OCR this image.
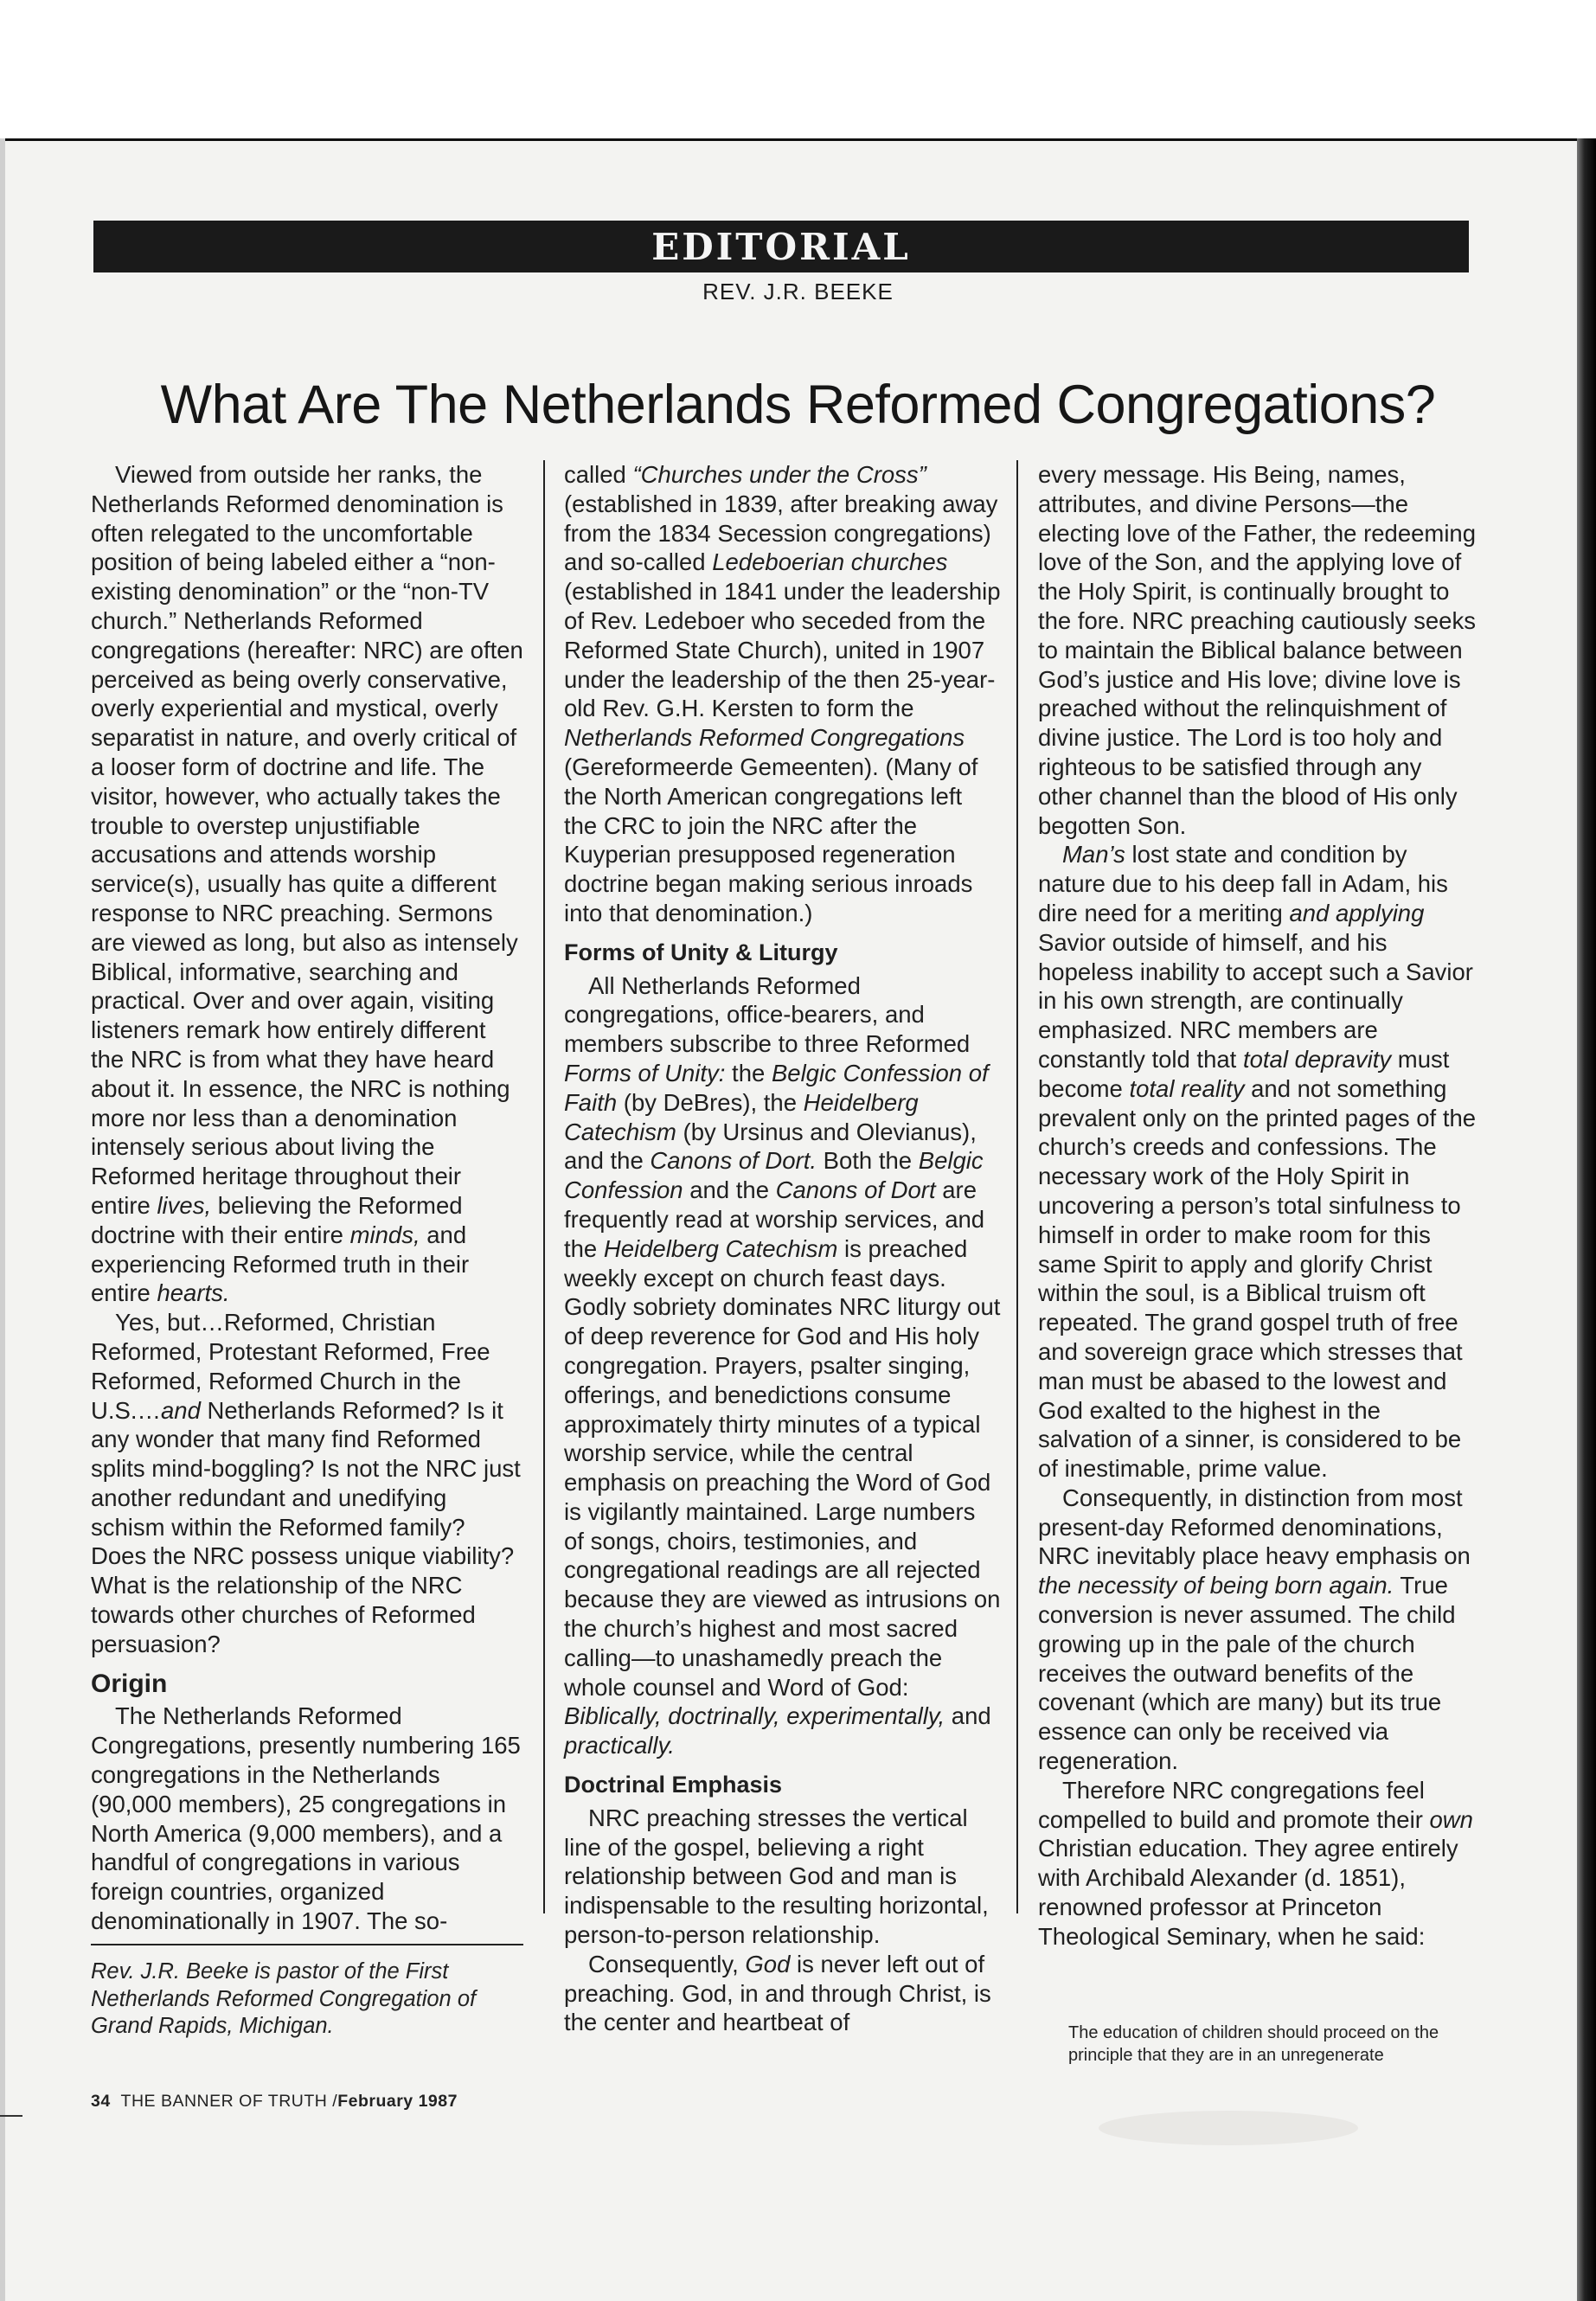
EDITORIAL
REV. J.R. BEEKE
What Are The Netherlands Reformed Congregations?

Viewed from outside her ranks, the Netherlands Reformed denomination is often relegated to the uncomfortable position of being labeled either a “non-existing denomination” or the “non-TV church.” Netherlands Reformed congregations (hereafter: NRC) are often perceived as being overly conservative, overly experiential and mystical, overly separatist in nature, and overly critical of a looser form of doctrine and life. The visitor, however, who actually takes the trouble to overstep unjustifiable accusations and attends worship service(s), usually has quite a different response to NRC preaching. Sermons are viewed as long, but also as intensely Biblical, informative, searching and practical. Over and over again, visiting listeners remark how entirely different the NRC is from what they have heard about it. In essence, the NRC is nothing more nor less than a denomination intensely serious about living the Reformed heritage throughout their entire lives, believing the Reformed doctrine with their entire minds, and experiencing Reformed truth in their entire hearts.

Yes, but…Reformed, Christian Reformed, Protestant Reformed, Free Reformed, Reformed Church in the U.S.…and Netherlands Reformed? Is it any wonder that many find Reformed splits mind-boggling? Is not the NRC just another redundant and unedifying schism within the Reformed family? Does the NRC possess unique viability? What is the relationship of the NRC towards other churches of Reformed persuasion?

Origin

The Netherlands Reformed Congregations, presently numbering 165 congregations in the Netherlands (90,000 members), 25 congregations in North America (9,000 members), and a handful of congregations in various foreign countries, organized denominationally in 1907. The so-

Rev. J.R. Beeke is pastor of the First Netherlands Reformed Congregation of Grand Rapids, Michigan.
34 THE BANNER OF TRUTH /February 1987

called “Churches under the Cross” (established in 1839, after breaking away from the 1834 Secession congregations) and so-called Ledeboerian churches (established in 1841 under the leadership of Rev. Ledeboer who seceded from the Reformed State Church), united in 1907 under the leadership of the then 25-year-old Rev. G.H. Kersten to form the Netherlands Reformed Congregations (Gereformeerde Gemeenten). (Many of the North American congregations left the CRC to join the NRC after the Kuyperian presupposed regeneration doctrine began making serious inroads into that denomination.)

Forms of Unity & Liturgy

All Netherlands Reformed congregations, office-bearers, and members subscribe to three Reformed Forms of Unity: the Belgic Confession of Faith (by DeBres), the Heidelberg Catechism (by Ursinus and Olevianus), and the Canons of Dort. Both the Belgic Confession and the Canons of Dort are frequently read at worship services, and the Heidelberg Catechism is preached weekly except on church feast days. Godly sobriety dominates NRC liturgy out of deep reverence for God and His holy congregation. Prayers, psalter singing, offerings, and benedictions consume approximately thirty minutes of a typical worship service, while the central emphasis on preaching the Word of God is vigilantly maintained. Large numbers of songs, choirs, testimonies, and congregational readings are all rejected because they are viewed as intrusions on the church’s highest and most sacred calling—to unashamedly preach the whole counsel and Word of God: Biblically, doctrinally, experimentally, and practically.

Doctrinal Emphasis

NRC preaching stresses the vertical line of the gospel, believing a right relationship between God and man is indispensable to the resulting horizontal, person-to-person relationship.

Consequently, God is never left out of preaching. God, in and through Christ, is the center and heartbeat of

every message. His Being, names, attributes, and divine Persons—the electing love of the Father, the redeeming love of the Son, and the applying love of the Holy Spirit, is continually brought to the fore. NRC preaching cautiously seeks to maintain the Biblical balance between God’s justice and His love; divine love is preached without the relinquishment of divine justice. The Lord is too holy and righteous to be satisfied through any other channel than the blood of His only begotten Son.

Man’s lost state and condition by nature due to his deep fall in Adam, his dire need for a meriting and applying Savior outside of himself, and his hopeless inability to accept such a Savior in his own strength, are continually emphasized. NRC members are constantly told that total depravity must become total reality and not something prevalent only on the printed pages of the church’s creeds and confessions. The necessary work of the Holy Spirit in uncovering a person’s total sinfulness to himself in order to make room for this same Spirit to apply and glorify Christ within the soul, is a Biblical truism oft repeated. The grand gospel truth of free and sovereign grace which stresses that man must be abased to the lowest and God exalted to the highest in the salvation of a sinner, is considered to be of inestimable, prime value.

Consequently, in distinction from most present-day Reformed denominations, NRC inevitably place heavy emphasis on the necessity of being born again. True conversion is never assumed. The child growing up in the pale of the church receives the outward benefits of the covenant (which are many) but its true essence can only be received via regeneration.

Therefore NRC congregations feel compelled to build and promote their own Christian education. They agree entirely with Archibald Alexander (d. 1851), renowned professor at Princeton Theological Seminary, when he said:

The education of children should proceed on the principle that they are in an unregenerate
